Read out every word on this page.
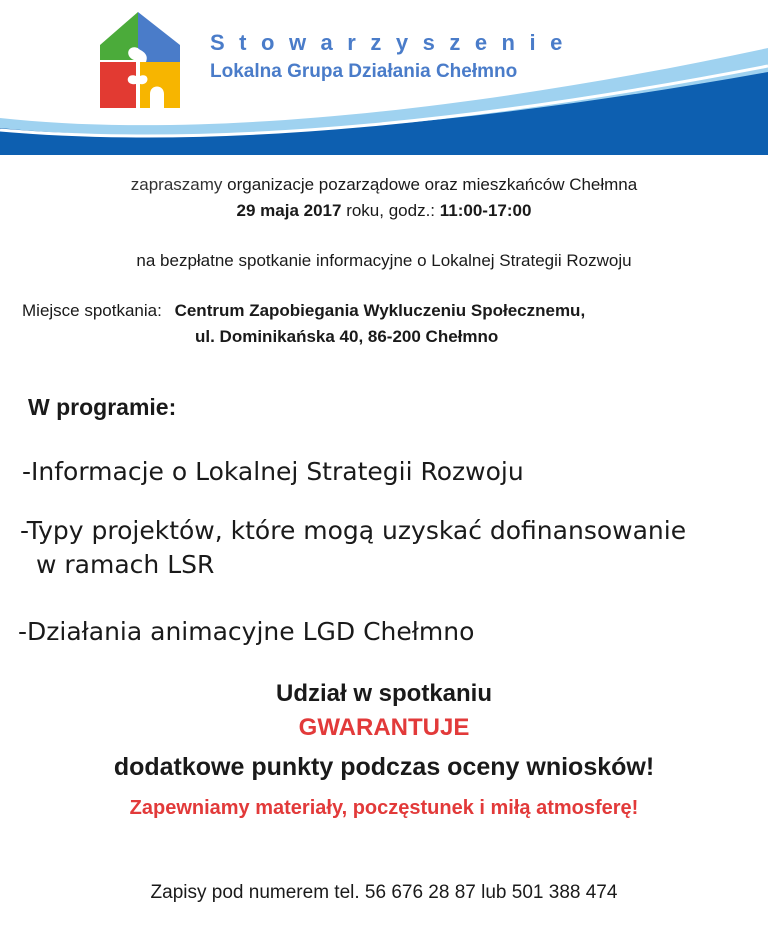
Stowarzyszenie
Lokalna Grupa Działania Chełmno
zapraszamy organizacje pozarządowe oraz mieszkańców Chełmna
29 maja 2017 roku, godz.: 11:00-17:00
na bezpłatne spotkanie informacyjne o Lokalnej Strategii Rozwoju
Miejsce spotkania: Centrum Zapobiegania Wykluczeniu Społecznemu,
ul. Dominikańska 40, 86-200 Chełmno
W programie:
-Informacje o Lokalnej Strategii Rozwoju
-Typy projektów, które mogą uzyskać dofinansowanie
w ramach LSR
-Działania animacyjne LGD Chełmno
Udział w spotkaniu
GWARANTUJE
dodatkowe punkty podczas oceny wniosków!
Zapewniamy materiały, poczęstunek i miłą atmosferę!
Zapisy pod numerem tel. 56 676 28 87 lub 501 388 474
